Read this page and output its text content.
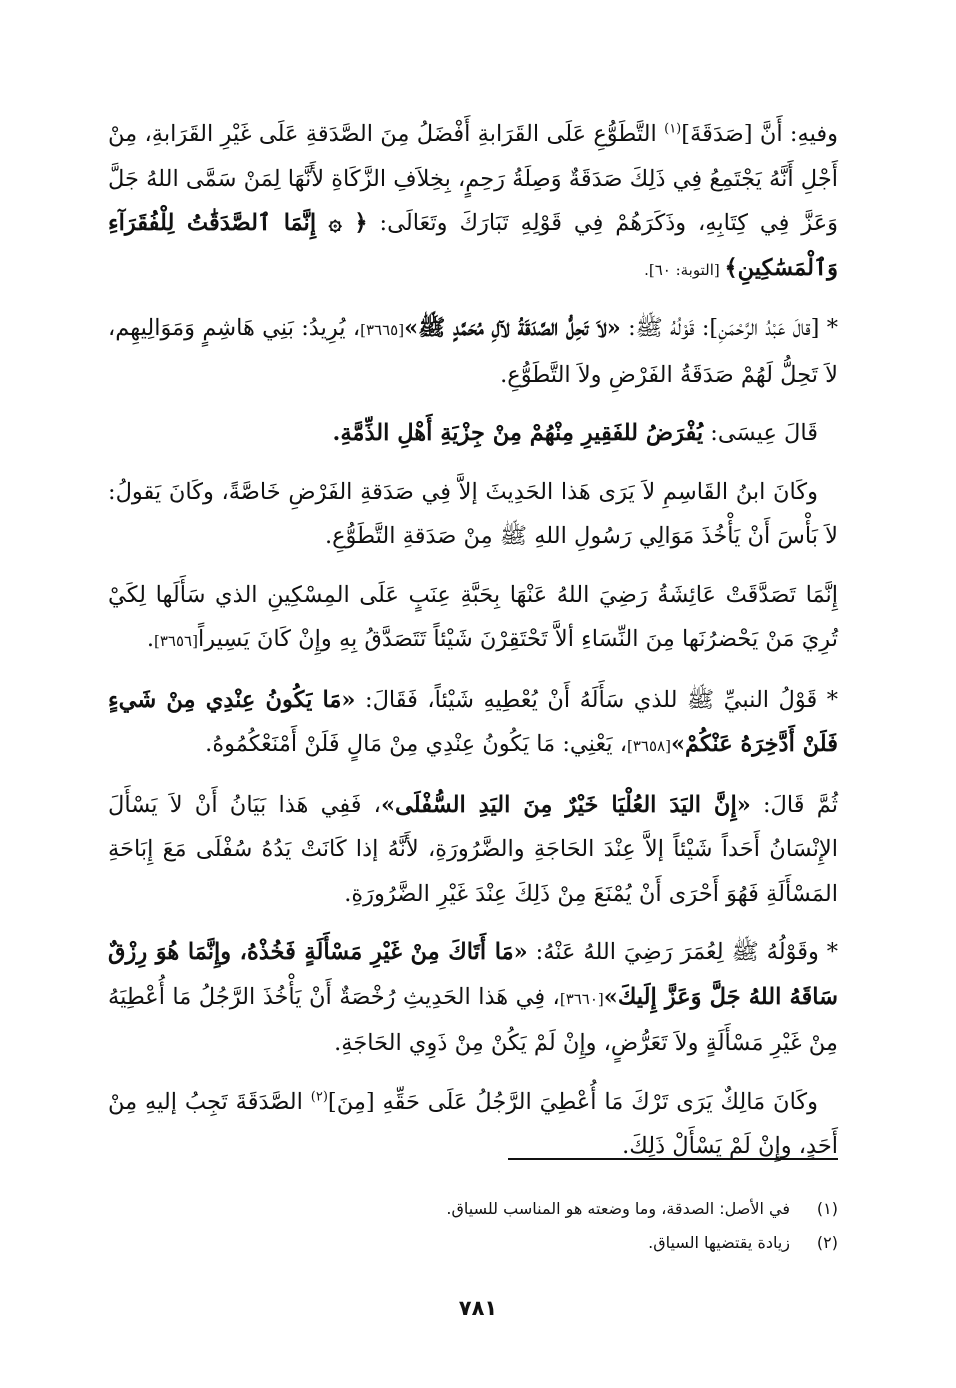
وفيهِ: أَنَّ [صَدَقَةَ]$^{(١)}$ التَّطَوُّعِ عَلَى القَرَابةِ أَفْضَلُ مِنَ الصَّدَقةِ عَلَى غَيْرِ القَرَابةِ، مِنْ أَجْلِ أَنَّهُ يَجْتَمِعُ فِي ذَلِكَ صَدَقَةٌ وَصِلَةُ رَحِمٍ، بِخِلاَفِ الزَّكَاةِ لأَنَّهَا لِمَنْ سَمَّى اللهُ جَلَّ وَعَزَّ فِي كِتَابِهِ، وذَكَرَهُمْ فِي قَوْلِهِ تَبَارَكَ وتَعَالَى: ﴿ ۞ إِنَّمَا ٱلصَّدَقَٰتُ لِلْفُقَرَآءِ وَٱلْمَسَٰكِينِ﴾ [التوبة: ٦٠].

* [قالَ عَبْدُ الرَّحْمَنِ]: قَوْلُهُ ﷺ: «لاَ تَحِلُّ الصَّدَقَةُ لآلِ مُحَمَّدٍ ﷺ»[٣٦٦٥]، يُرِيدُ: بَنِي هَاشِمٍ وَمَوَالِيهِم، لاَ تَحِلُّ لَهُمْ صَدَقَةُ الفَرْضِ ولاَ التَّطَوُّعِ.

قَالَ عِيسَى: يُفْرَضُ للفَقِيرِ مِنْهُمْ مِنْ جِزْيَةِ أَهْلِ الذِّمَّةِ.

وكَانَ ابنُ القَاسِمِ لاَ يَرَى هَذا الحَدِيثَ إلاَّ فِي صَدَقةِ الفَرْضِ خَاصَّةً، وكَانَ يَقولُ: لاَ بَأْسَ أَنْ يَأْخُذَ مَوَالِي رَسُولِ اللهِ ﷺ مِنْ صَدَقةِ التَّطَوُّعِ.

إِنَّمَا تَصَدَّقَتْ عَائِشَةُ رَضِيَ اللهُ عَنْهَا بِحَبَّةِ عِنَبٍ عَلَى المِسْكِينِ الذي سَأَلَها لِكَيْ تُرِيَ مَنْ يَحْضرُنَها مِنَ النِّسَاءِ ألاَّ تَحْتَقِرْنَ شَيْئاً تَتَصَدَّقُ بِهِ وإِنْ كَانَ يَسِيراً[٣٦٥٦].

* قَوْلُ النبيِّ ﷺ للذي سَأَلَهُ أَنْ يُعْطِيهِ شَيْئاً، فَقَالَ: «مَا يَكُونُ عِنْدِي مِنْ شَيءٍ فَلَنْ أَدَّخِرَهُ عَنْكُمْ»[٣٦٥٨]، يَعْنِي: مَا يَكُونُ عِنْدِي مِنْ مَالٍ فَلَنْ أَمْنَعْكُمُوهُ.

ثُمَّ قَالَ: «إِنَّ اليَدَ العُلْيَا خَيْرٌ مِنَ اليَدِ السُّفْلَى»، فَفِي هَذا بَيَانُ أَنْ لاَ يَسْأَلَ الإِنْسَانُ أَحَداً شَيْئاً إلاَّ عِنْدَ الحَاجَةِ والضَّرُورَةِ، لأَنَّهُ إذا كَانَتْ يَدُهُ سُفْلَى مَعَ إِبَاحَةِ المَسْأَلَةِ فَهُوَ أَحْرَى أَنْ يُمْنَعَ مِنْ ذَلِكَ عِنْدَ غَيْرِ الضَّرُورَةِ.

* وقَوْلُهُ ﷺ لِعُمَرَ رَضِيَ اللهُ عَنْهُ: «مَا أَتَاكَ مِنْ غَيْرِ مَسْأَلَةٍ فَخُذْهُ، وإِنَّمَا هُوَ رِزْقٌ سَاقَهُ اللهُ جَلَّ وَعَزَّ إِلَيكَ»[٣٦٦٠]، فِي هَذا الحَدِيثِ رُخْصَةٌ أَنْ يَأْخُذَ الرَّجُلُ مَا أُعْطِيَهُ مِنْ غَيْرِ مَسْأَلَةٍ ولاَ تَعَرُّضٍ، وإِنْ لَمْ يَكُنْ مِنْ ذَوِي الحَاجَةِ.

وكَانَ مَالِكٌ يَرَى تَرْكَ مَا أُعْطِيَ الرَّجُلُ عَلَى حَقِّهِ [مِنَ]$^{(٢)}$ الصَّدَقَةَ تَجِبُ إليهِ مِنْ أَحَدٍ، وإِنْ لَمْ يَسْأَلْ ذَلِكَ.

(١)
في الأصل: الصدقة، وما وضعته هو المناسب للسياق.
(٢)
زيادة يقتضيها السياق.
٧٨١
